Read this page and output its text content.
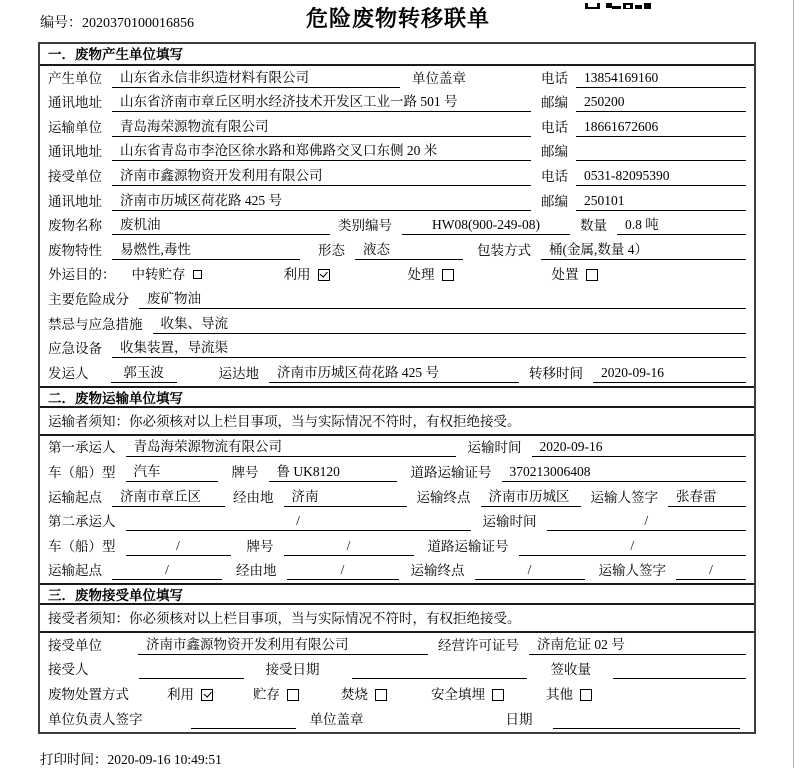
编号：2020370100016856	危险废物转移联单
一．废物产生单位填写
产生单位	山东省永信非织造材料有限公司	单位盖章	电话	13854169160
通讯地址	山东省济南市章丘区明水经济技术开发区工业一路 501 号	邮编	250200
运输单位	青岛海荣源物流有限公司	电话	18661672606
通讯地址	山东省青岛市李沧区徐水路和郑佛路交叉口东侧 20 米	邮编
接受单位	济南市鑫源物资开发利用有限公司	电话	0531-82095390
通讯地址	济南市历城区荷花路 425 号	邮编	250101
废物名称	废机油	类别编号	HW08(900-249-08)	数量	0.8 吨
废物特性	易燃性,毒性	形态	液态	包装方式	桶(金属,数量 4）
外运目的： 中转贮存	利用	处理	处置
主要危险成分	废矿物油
禁忌与应急措施	收集、导流
应急设备	收集装置，导流渠
发运人	郭玉波	运达地	济南市历城区荷花路 425 号	转移时间	2020-09-16
二．废物运输单位填写
运输者须知：你必须核对以上栏目事项，当与实际情况不符时，有权拒绝接受。
第一承运人	青岛海荣源物流有限公司	运输时间	2020-09-16
车（船）型	汽车	牌号	鲁 UK8120	道路运输证号	370213006408
运输起点	济南市章丘区	经由地	济南	运输终点	济南市历城区	运输人签字	张春雷
第二承运人	/	运输时间	/
车（船）型	/	牌号	/	道路运输证号	/
运输起点	/	经由地	/	运输终点	/	运输人签字	/
三．废物接受单位填写
接受者须知：你必须核对以上栏目事项，当与实际情况不符时，有权拒绝接受。
接受单位	济南市鑫源物资开发利用有限公司	经营许可证号	济南危证 02 号
接受人	接受日期	签收量
废物处置方式	利用	贮存	焚烧	安全填埋	其他
单位负责人签字	单位盖章	日期
打印时间：2020-09-16 10:49:51
